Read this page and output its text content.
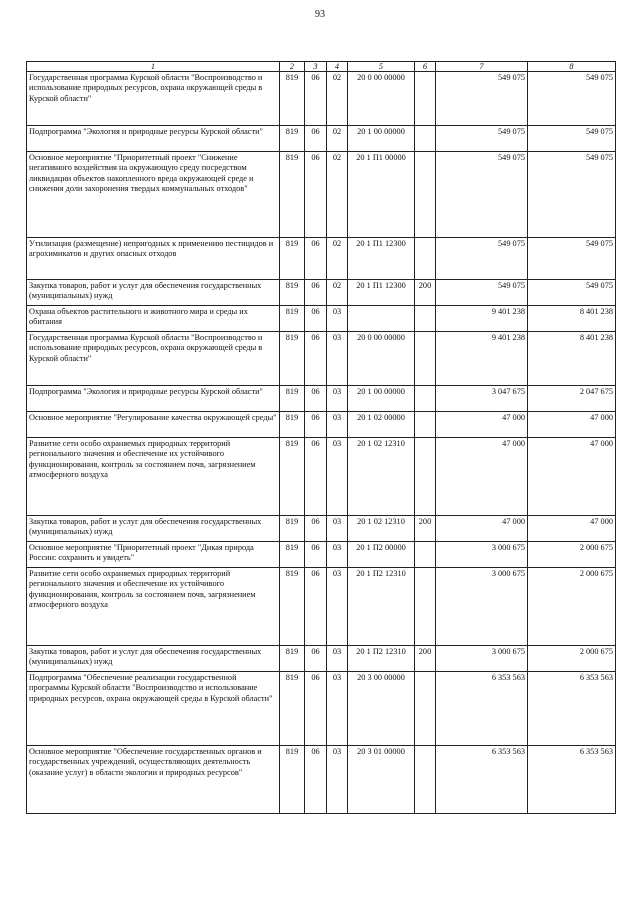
93
1	2	3	4	5	6	7	8
Государственная программа Курской области "Воспроизводство и использование природных ресурсов, охрана окружающей среды в Курской области"	819	06	02	20 0 00 00000		549 075	549 075
Подпрограмма "Экология и природные ресурсы Курской области"	819	06	02	20 1 00 00000		549 075	549 075
Основное мероприятие "Приоритетный проект "Снижение негативного воздействия на окружающую среду посредством ликвидации объектов накопленного вреда окружающей среде и снижения доли захоронения твердых коммунальных отходов"	819	06	02	20 1 П1 00000		549 075	549 075
Утилизация (размещение) непригодных к применению пестицидов и агрохимикатов и других опасных отходов	819	06	02	20 1 П1 12300		549 075	549 075
Закупка товаров, работ и услуг для обеспечения государственных (муниципальных) нужд	819	06	02	20 1 П1 12300	200	549 075	549 075
Охрана объектов растительного и животного мира и среды их обитания	819	06	03			9 401 238	8 401 238
Государственная программа Курской области "Воспроизводство и использование природных ресурсов, охрана окружающей среды в Курской области"	819	06	03	20 0 00 00000		9 401 238	8 401 238
Подпрограмма "Экология и природные ресурсы Курской области"	819	06	03	20 1 00 00000		3 047 675	2 047 675
Основное мероприятие "Регулирование качества окружающей среды"	819	06	03	20 1 02 00000		47 000	47 000
Развитие сети особо охраняемых природных территорий регионального значения и обеспечение их устойчивого функционирования, контроль за состоянием почв, загрязнением атмосферного воздуха	819	06	03	20 1 02 12310		47 000	47 000
Закупка товаров, работ и услуг для обеспечения государственных (муниципальных) нужд	819	06	03	20 1 02 12310	200	47 000	47 000
Основное мероприятие "Приоритетный проект "Дикая природа России: сохранить и увидеть"	819	06	03	20 1 П2 00000		3 000 675	2 000 675
Развитие сети особо охраняемых природных территорий регионального значения и обеспечение их устойчивого функционирования, контроль за состоянием почв, загрязнением атмосферного воздуха	819	06	03	20 1 П2 12310		3 000 675	2 000 675
Закупка товаров, работ и услуг для обеспечения государственных (муниципальных) нужд	819	06	03	20 1 П2 12310	200	3 000 675	2 000 675
Подпрограмма "Обеспечение реализации государственной программы Курской области "Воспроизводство и использование природных ресурсов, охрана окружающей среды в Курской области"	819	06	03	20 3 00 00000		6 353 563	6 353 563
Основное мероприятие "Обеспечение государственных органов и государственных учреждений, осуществляющих деятельность (оказание услуг) в области экологии и природных ресурсов"	819	06	03	20 3 01 00000		6 353 563	6 353 563
